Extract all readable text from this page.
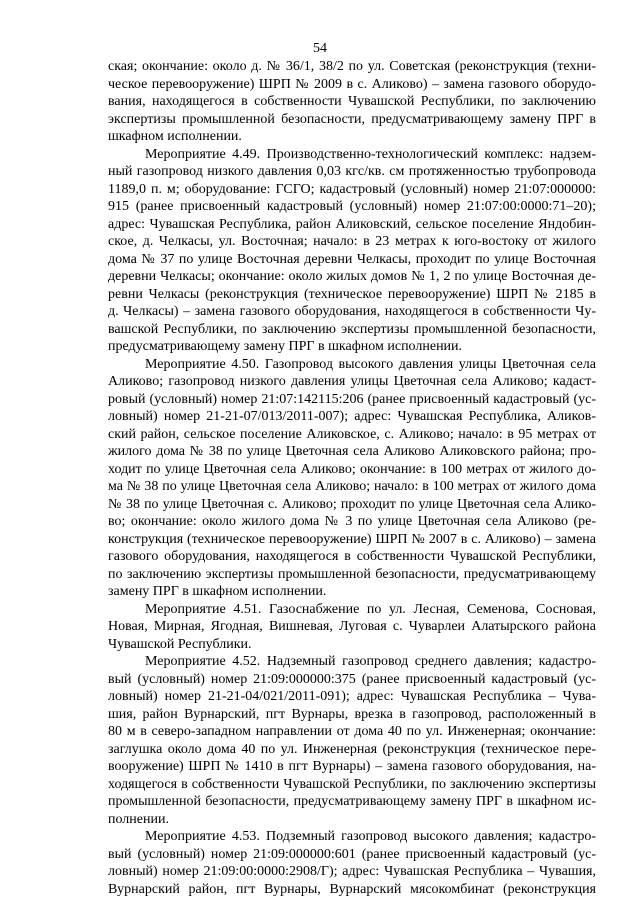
54
ская; окончание: около д. № 36/1, 38/2 по ул. Советская (реконструкция (техни-
ческое перевооружение) ШРП № 2009 в с. Аликово) – замена газового оборудо-
вания, находящегося в собственности Чувашской Республики, по заключению
экспертизы промышленной безопасности, предусматривающему замену ПРГ в
шкафном исполнении.
Мероприятие 4.49. Производственно-технологический комплекс: надзем-
ный газопровод низкого давления 0,03 кгс/кв. см протяженностью трубопровода
1189,0 п. м; оборудование: ГСГО; кадастровый (условный) номер 21:07:000000:
915 (ранее присвоенный кадастровый (условный) номер 21:07:00:0000:71–20);
адрес: Чувашская Республика, район Аликовский, сельское поселение Яндобин-
ское, д. Челкасы, ул. Восточная; начало: в 23 метрах к юго-востоку от жилого
дома № 37 по улице Восточная деревни Челкасы, проходит по улице Восточная
деревни Челкасы; окончание: около жилых домов № 1, 2 по улице Восточная де-
ревни Челкасы (реконструкция (техническое перевооружение) ШРП № 2185 в
д. Челкасы) – замена газового оборудования, находящегося в собственности Чу-
вашской Республики, по заключению экспертизы промышленной безопасности,
предусматривающему замену ПРГ в шкафном исполнении.
Мероприятие 4.50. Газопровод высокого давления улицы Цветочная села
Аликово; газопровод низкого давления улицы Цветочная села Аликово; кадаст-
ровый (условный) номер 21:07:142115:206 (ранее присвоенный кадастровый (ус-
ловный) номер 21-21-07/013/2011-007); адрес: Чувашская Республика, Аликов-
ский район, сельское поселение Аликовское, с. Аликово; начало: в 95 метрах от
жилого дома № 38 по улице Цветочная села Аликово Аликовского района; про-
ходит по улице Цветочная села Аликово; окончание: в 100 метрах от жилого до-
ма № 38 по улице Цветочная села Аликово; начало: в 100 метрах от жилого дома
№ 38 по улице Цветочная с. Аликово; проходит по улице Цветочная села Алико-
во; окончание: около жилого дома № 3 по улице Цветочная села Аликово (ре-
конструкция (техническое перевооружение) ШРП № 2007 в с. Аликово) – замена
газового оборудования, находящегося в собственности Чувашской Республики,
по заключению экспертизы промышленной безопасности, предусматривающему
замену ПРГ в шкафном исполнении.
Мероприятие 4.51. Газоснабжение по ул. Лесная, Семенова, Сосновая,
Новая, Мирная, Ягодная, Вишневая, Луговая с. Чуварлеи Алатырского района
Чувашской Республики.
Мероприятие 4.52. Надземный газопровод среднего давления; кадастро-
вый (условный) номер 21:09:000000:375 (ранее присвоенный кадастровый (ус-
ловный) номер 21-21-04/021/2011-091); адрес: Чувашская Республика – Чува-
шия, район Вурнарский, пгт Вурнары, врезка в газопровод, расположенный в
80 м в северо-западном направлении от дома 40 по ул. Инженерная; окончание:
заглушка около дома 40 по ул. Инженерная (реконструкция (техническое пере-
вооружение) ШРП № 1410 в пгт Вурнары) – замена газового оборудования, на-
ходящегося в собственности Чувашской Республики, по заключению экспертизы
промышленной безопасности, предусматривающему замену ПРГ в шкафном ис-
полнении.
Мероприятие 4.53. Подземный газопровод высокого давления; кадастро-
вый (условный) номер 21:09:000000:601 (ранее присвоенный кадастровый (ус-
ловный) номер 21:09:00:0000:2908/Г); адрес: Чувашская Республика – Чувашия,
Вурнарский район, пгт Вурнары, Вурнарский мясокомбинат (реконструкция
